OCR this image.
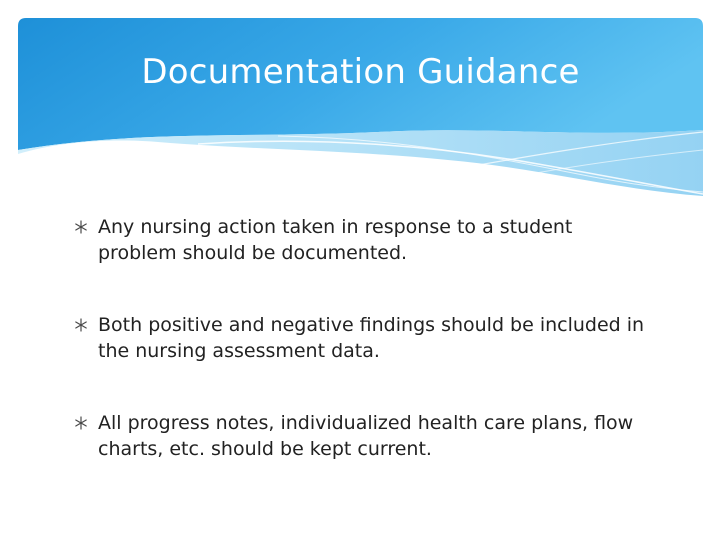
Documentation Guidance
Any nursing action taken in response to a student problem should be documented.
Both positive and negative findings should be included in the nursing assessment data.
All progress notes, individualized health care plans, flow charts, etc. should be kept current.
